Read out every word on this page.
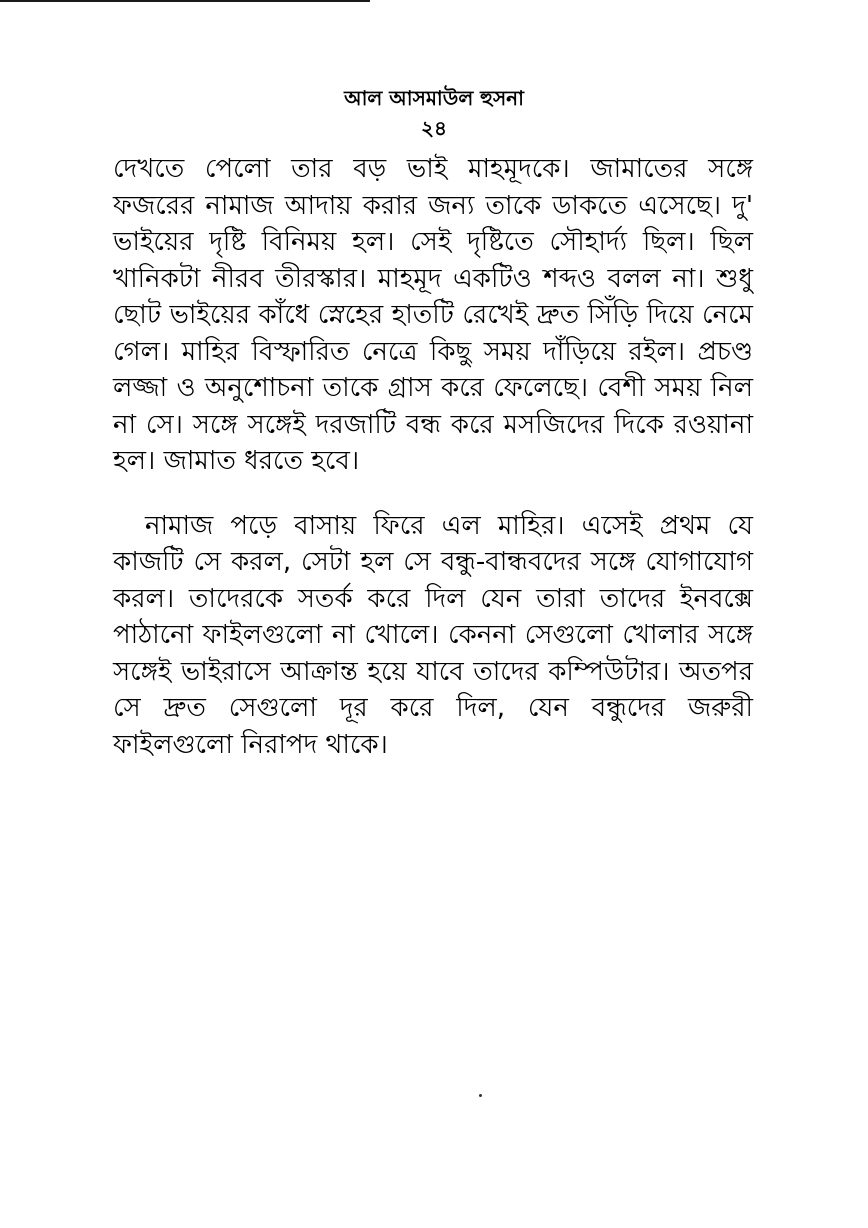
আল আসমাউল হুসনা

২৪

দেখতে পেলো তার বড় ভাই মাহমূদকে। জামাতের সঙ্গে ফজরের নামাজ আদায় করার জন্য তাকে ডাকতে এসেছে। দু' ভাইয়ের দৃষ্টি বিনিময় হল। সেই দৃষ্টিতে সৌহার্দ্য ছিল। ছিল খানিকটা নীরব তীরস্কার। মাহমূদ একটিও শব্দও বলল না। শুধু ছোট ভাইয়ের কাঁধে স্নেহের হাতটি রেখেই দ্রুত সিঁড়ি দিয়ে নেমে গেল। মাহির বিস্ফারিত নেত্রে কিছু সময় দাঁড়িয়ে রইল। প্রচণ্ড লজ্জা ও অনুশোচনা তাকে গ্রাস করে ফেলেছে। বেশী সময় নিল না সে। সঙ্গে সঙ্গেই দরজাটি বন্ধ করে মসজিদের দিকে রওয়ানা হল। জামাত ধরতে হবে।

নামাজ পড়ে বাসায় ফিরে এল মাহির। এসেই প্রথম যে কাজটি সে করল, সেটা হল সে বন্ধু-বান্ধবদের সঙ্গে যোগাযোগ করল। তাদেরকে সতর্ক করে দিল যেন তারা তাদের ইনবক্সে পাঠানো ফাইলগুলো না খোলে। কেননা সেগুলো খোলার সঙ্গে সঙ্গেই ভাইরাসে আক্রান্ত হয়ে যাবে তাদের কম্পিউটার। অতপর সে দ্রুত সেগুলো দূর করে দিল, যেন বন্ধুদের জরুরী ফাইলগুলো নিরাপদ থাকে।
